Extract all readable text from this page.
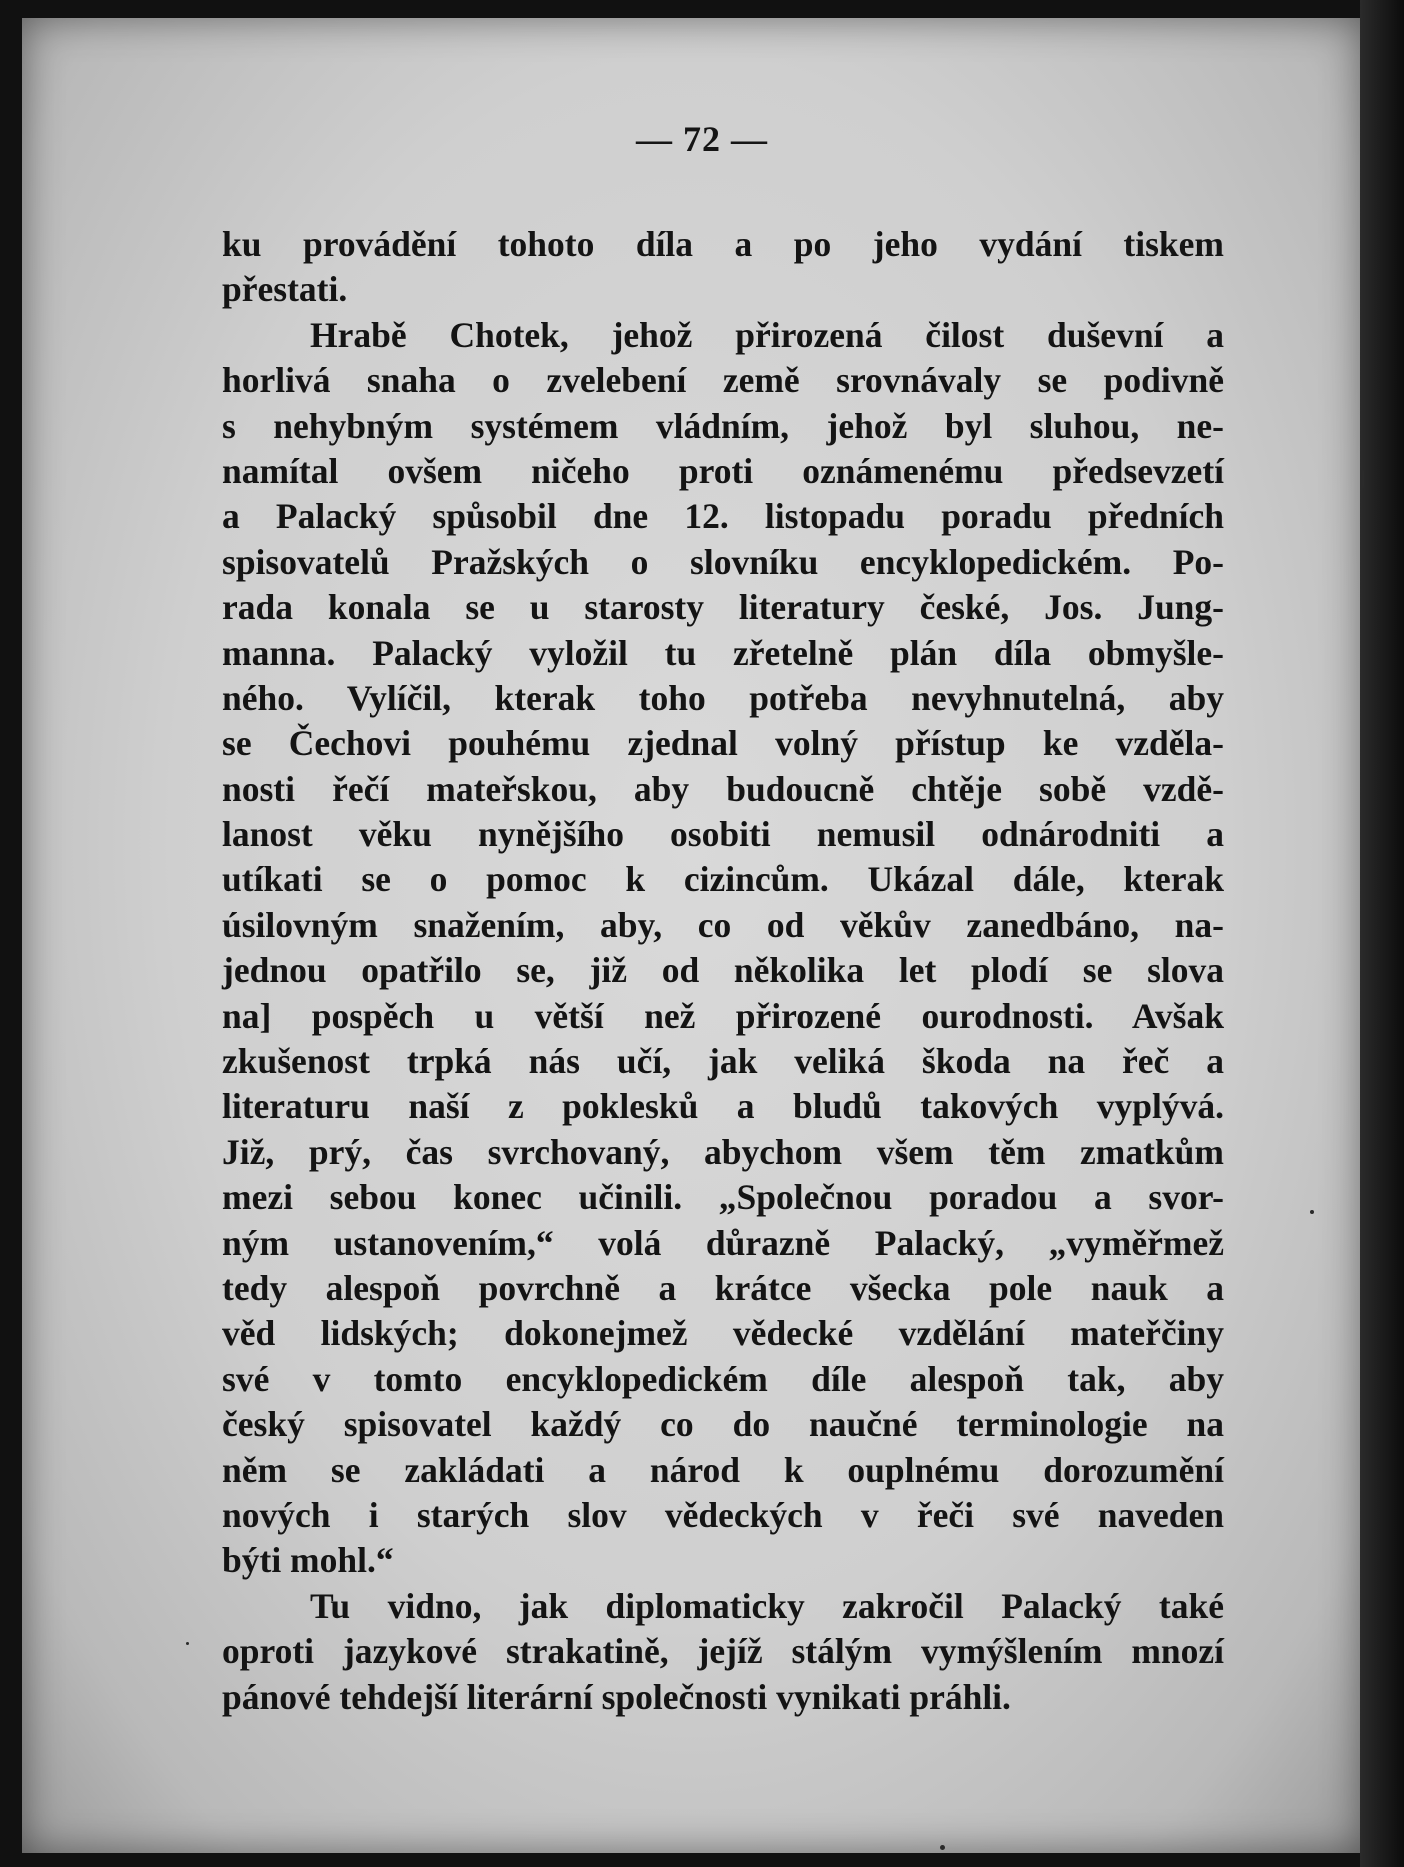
— 72 —
ku provádění tohoto díla a po jeho vydání tiskem
přestati.
Hrabě Chotek, jehož přirozená čilost duševní a
horlivá snaha o zvelebení země srovnávaly se podivně
s nehybným systémem vládním, jehož byl sluhou, ne-
namítal ovšem ničeho proti oznámenému předsevzetí
a Palacký spůsobil dne 12. listopadu poradu předních
spisovatelů Pražských o slovníku encyklopedickém. Po-
rada konala se u starosty literatury české, Jos. Jung-
manna. Palacký vyložil tu zřetelně plán díla obmyšle-
ného. Vylíčil, kterak toho potřeba nevyhnutelná, aby
se Čechovi pouhému zjednal volný přístup ke vzděla-
nosti řečí mateřskou, aby budoucně chtěje sobě vzdě-
lanost věku nynějšího osobiti nemusil odnárodniti a
utíkati se o pomoc k cizincům. Ukázal dále, kterak
úsilovným snažením, aby, co od věkův zanedbáno, na-
jednou opatřilo se, již od několika let plodí se slova
na] pospěch u větší než přirozené ourodnosti. Avšak
zkušenost trpká nás učí, jak veliká škoda na řeč a
literaturu naší z poklesků a bludů takových vyplývá.
Již, prý, čas svrchovaný, abychom všem těm zmatkům
mezi sebou konec učinili. „Společnou poradou a svor-
ným ustanovením,“ volá důrazně Palacký, „vyměřmež
tedy alespoň povrchně a krátce všecka pole nauk a
věd lidských; dokonejmež vědecké vzdělání mateřčiny
své v tomto encyklopedickém díle alespoň tak, aby
český spisovatel každý co do naučné terminologie na
něm se zakládati a národ k ouplnému dorozumění
nových i starých slov vědeckých v řeči své naveden
býti mohl.“
Tu vidno, jak diplomaticky zakročil Palacký také
oproti jazykové strakatině, jejíž stálým vymýšlením mnozí
pánové tehdejší literární společnosti vynikati práhli.
